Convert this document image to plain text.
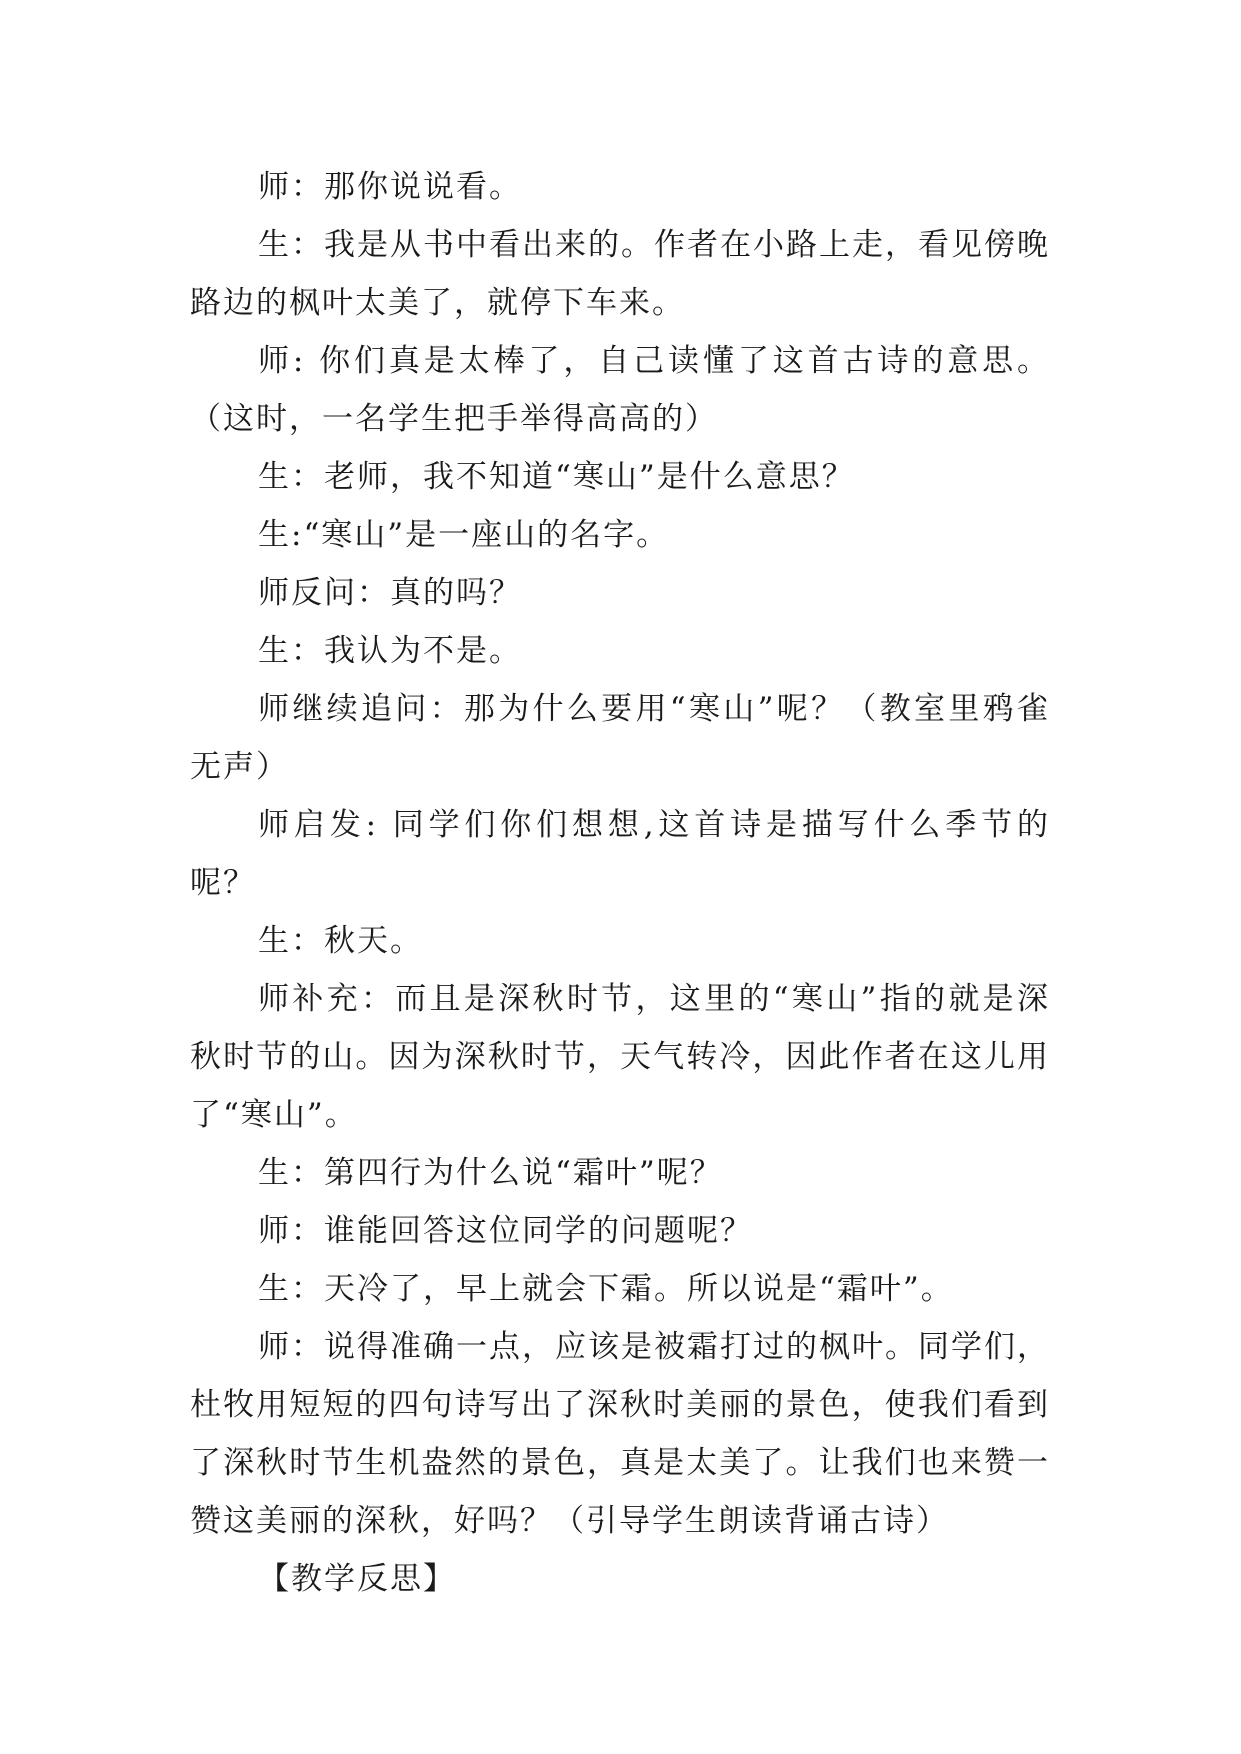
师：那你说说看。

生：我是从书中看出来的。作者在小路上走，看见傍晚路边的枫叶太美了，就停下车来。

师: 你们真是太棒了，自己读懂了这首古诗的意思。（这时，一名学生把手举得高高的）

生：老师，我不知道“寒山”是什么意思？

生:“寒山”是一座山的名字。

师反问：真的吗？

生：我认为不是。

师继续追问：那为什么要用“寒山”呢？（教室里鸦雀无声）

师启发: 同学们你们想想,这首诗是描写什么季节的呢？

生：秋天。

师补充：而且是深秋时节，这里的“寒山”指的就是深秋时节的山。因为深秋时节，天气转冷，因此作者在这儿用了“寒山”。

生：第四行为什么说“霜叶”呢？

师：谁能回答这位同学的问题呢？

生：天冷了，早上就会下霜。所以说是“霜叶”。

师：说得准确一点，应该是被霜打过的枫叶。同学们，杜牧用短短的四句诗写出了深秋时美丽的景色，使我们看到了深秋时节生机盎然的景色，真是太美了。让我们也来赞一赞这美丽的深秋，好吗？（引导学生朗读背诵古诗）

【教学反思】
